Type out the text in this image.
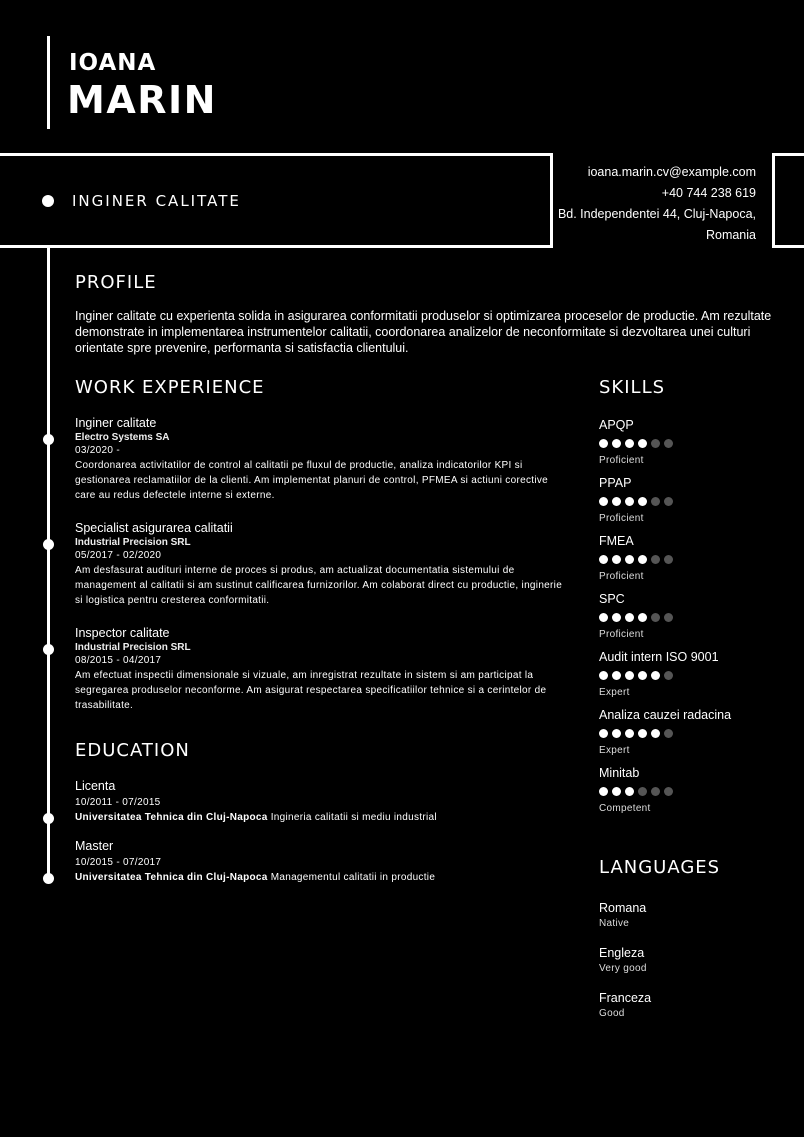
IOANA
MARIN
INGINER CALITATE
ioana.marin.cv@example.com
+40 744 238 619
Bd. Independentei 44, Cluj-Napoca, Romania
PROFILE
Inginer calitate cu experienta solida in asigurarea conformitatii produselor si optimizarea proceselor de productie. Am rezultate demonstrate in implementarea instrumentelor calitatii, coordonarea analizelor de neconformitate si dezvoltarea unei culturi orientate spre prevenire, performanta si satisfactia clientului.
WORK EXPERIENCE
Inginer calitate
Electro Systems SA
03/2020 -
Coordonarea activitatilor de control al calitatii pe fluxul de productie, analiza indicatorilor KPI si gestionarea reclamatiilor de la clienti. Am implementat planuri de control, PFMEA si actiuni corective care au redus defectele interne si externe.
Specialist asigurarea calitatii
Industrial Precision SRL
05/2017 - 02/2020
Am desfasurat audituri interne de proces si produs, am actualizat documentatia sistemului de management al calitatii si am sustinut calificarea furnizorilor. Am colaborat direct cu productie, inginerie si logistica pentru cresterea conformitatii.
Inspector calitate
Industrial Precision SRL
08/2015 - 04/2017
Am efectuat inspectii dimensionale si vizuale, am inregistrat rezultate in sistem si am participat la segregarea produselor neconforme. Am asigurat respectarea specificatiilor tehnice si a cerintelor de trasabilitate.
EDUCATION
Licenta
10/2011 - 07/2015
Universitatea Tehnica din Cluj-Napoca Ingineria calitatii si mediu industrial
Master
10/2015 - 07/2017
Universitatea Tehnica din Cluj-Napoca Managementul calitatii in productie
SKILLS
APQP
Proficient
PPAP
Proficient
FMEA
Proficient
SPC
Proficient
Audit intern ISO 9001
Expert
Analiza cauzei radacina
Expert
Minitab
Competent
LANGUAGES
Romana
Native
Engleza
Very good
Franceza
Good
